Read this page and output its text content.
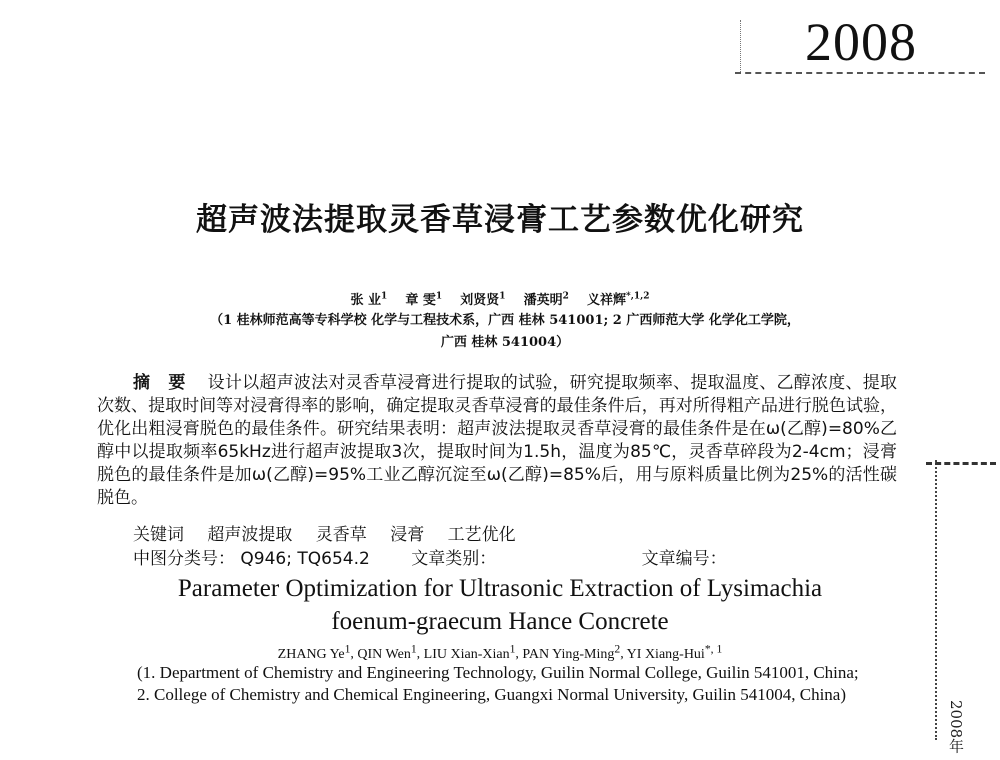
2008
超声波法提取灵香草浸膏工艺参数优化研究
张 业$^1$ 章 雯$^1$ 刘贤贤$^1$ 潘英明$^2$ 义祥辉$^{*,1,2}$
（1 桂林师范高等专科学校 化学与工程技术系，广西 桂林 541001; 2 广西师范大学 化学化工学院，
广西 桂林 541004）
摘 要 设计以超声波法对灵香草浸膏进行提取的试验，研究提取频率、提取温度、乙醇浓度、提取次数、提取时间等对浸膏得率的影响，确定提取灵香草浸膏的最佳条件后，再对所得粗产品进行脱色试验，优化出粗浸膏脱色的最佳条件。研究结果表明：超声波法提取灵香草浸膏的最佳条件是在ω(乙醇)=80%乙醇中以提取频率65kHz进行超声波提取3次，提取时间为1.5h，温度为85℃，灵香草碎段为2-4cm；浸膏脱色的最佳条件是加ω(乙醇)=95%工业乙醇沉淀至ω(乙醇)=85%后，用与原料质量比例为25%的活性碳脱色。
关键词 超声波提取 灵香草 浸膏 工艺优化
中图分类号： Q946; TQ654.2 文章类别：	文章编号：
Parameter Optimization for Ultrasonic Extraction of Lysimachia
foenum-graecum Hance Concrete
ZHANG Ye$^1$, QIN Wen$^1$, LIU Xian-Xian$^1$, PAN Ying-Ming$^2$, YI Xiang-Hui$^{*, 1}$
(1. Department of Chemistry and Engineering Technology, Guilin Normal College, Guilin 541001, China;
2. College of Chemistry and Chemical Engineering, Guangxi Normal University, Guilin 541004, China)
2008年
